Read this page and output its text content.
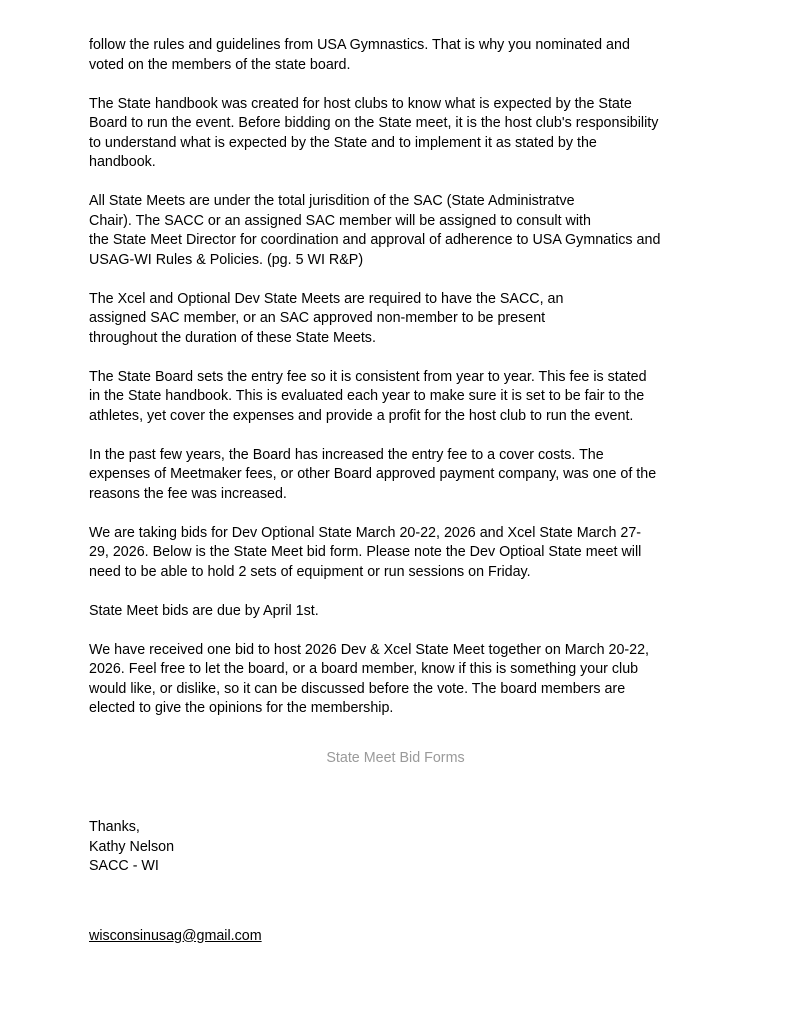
follow the rules and guidelines from USA Gymnastics. That is why you nominated and
voted on the members of the state board.

The State handbook was created for host clubs to know what is expected by the State
Board to run the event. Before bidding on the State meet, it is the host club's responsibility
to understand what is expected by the State and to implement it as stated by the
handbook.

All State Meets are under the total jurisdition of the SAC (State Administratve
Chair). The SACC or an assigned SAC member will be assigned to consult with
the State Meet Director for coordination and approval of adherence to USA Gymnatics and
USAG-WI Rules & Policies. (pg. 5 WI R&P)

The Xcel and Optional Dev State Meets are required to have the SACC, an
assigned SAC member, or an SAC approved non-member to be present
throughout the duration of these State Meets.

The State Board sets the entry fee so it is consistent from year to year. This fee is stated
in the State handbook. This is evaluated each year to make sure it is set to be fair to the
athletes, yet cover the expenses and provide a profit for the host club to run the event.

In the past few years, the Board has increased the entry fee to a cover costs. The
expenses of Meetmaker fees, or other Board approved payment company, was one of the
reasons the fee was increased.

We are taking bids for Dev Optional State March 20-22, 2026 and Xcel State March 27-
29, 2026. Below is the State Meet bid form. Please note the Dev Optioal State meet will
need to be able to hold 2 sets of equipment or run sessions on Friday.

State Meet bids are due by April 1st.

We have received one bid to host 2026 Dev & Xcel State Meet together on March 20-22,
2026. Feel free to let the board, or a board member, know if this is something your club
would like, or dislike, so it can be discussed before the vote. The board members are
elected to give the opinions for the membership.

State Meet Bid Forms

Thanks,
Kathy Nelson
SACC - WI

wisconsinusag@gmail.com
